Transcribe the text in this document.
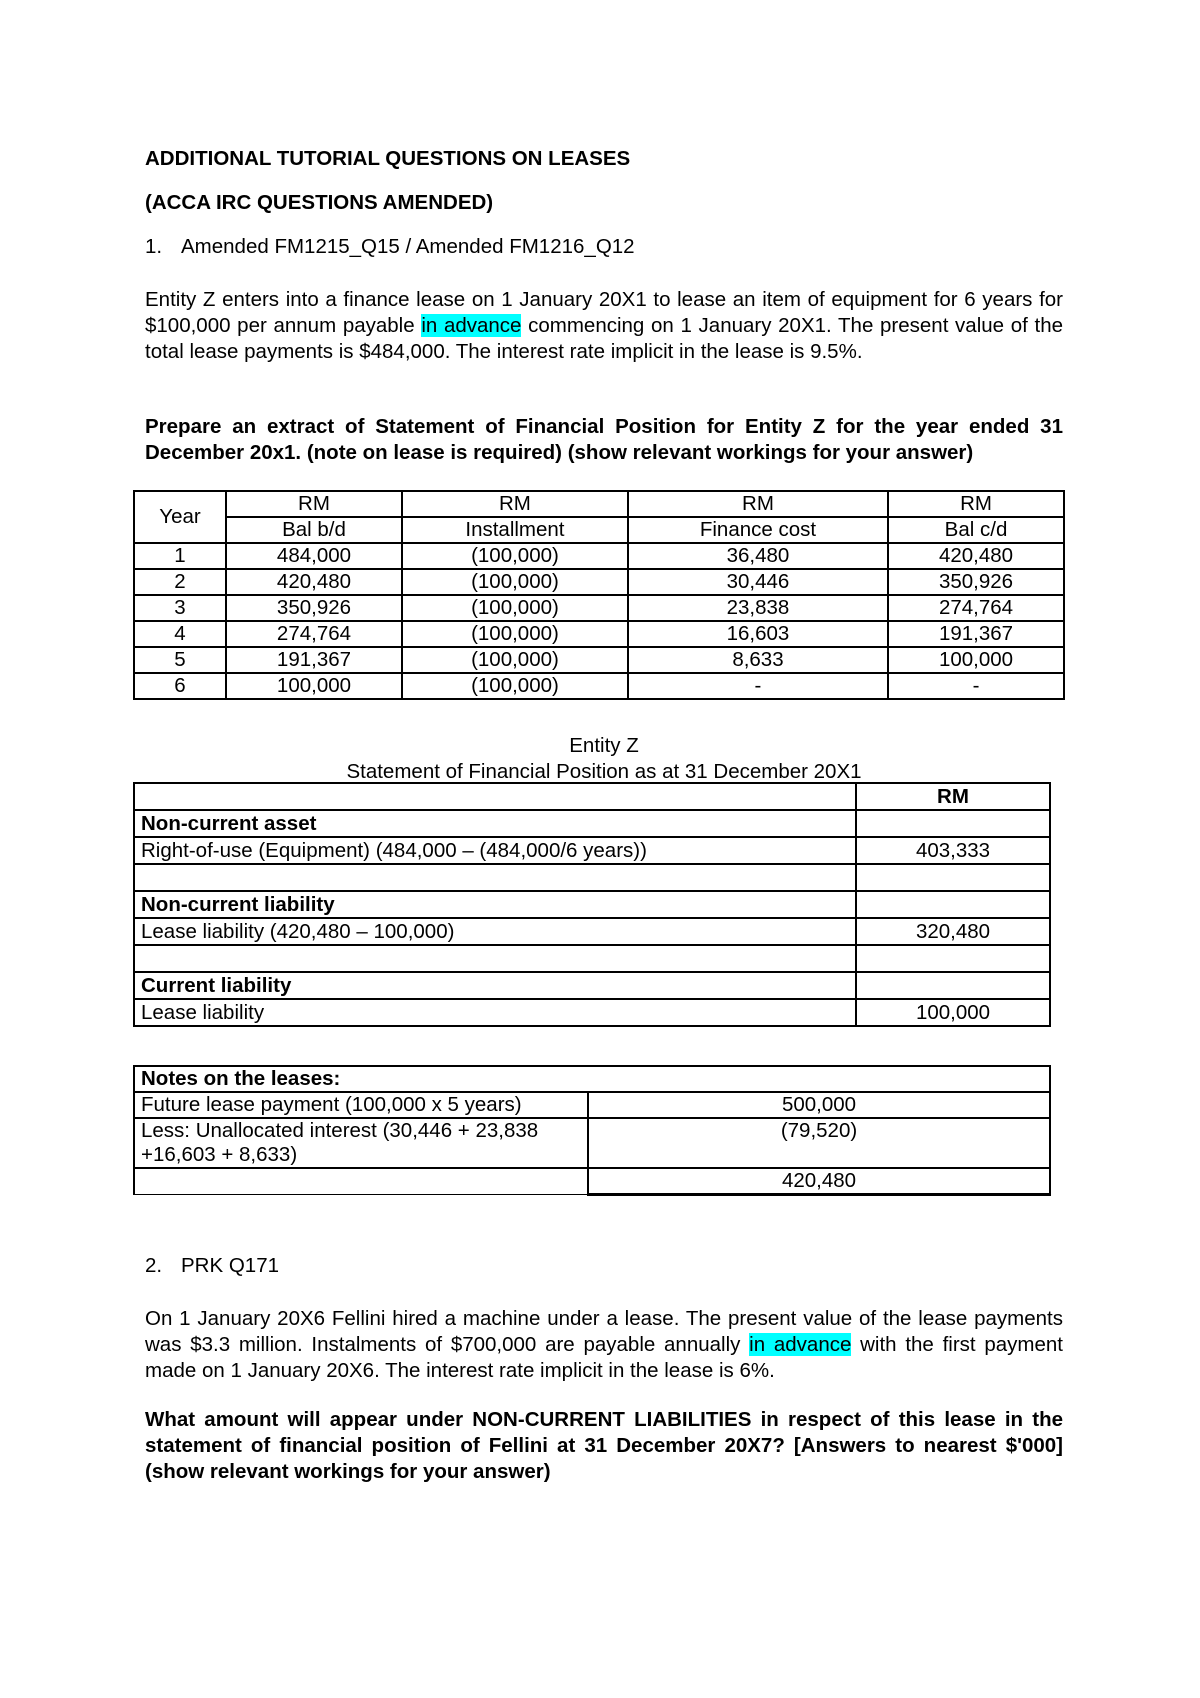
ADDITIONAL TUTORIAL QUESTIONS ON LEASES
(ACCA IRC QUESTIONS AMENDED)
1. Amended FM1215_Q15 / Amended FM1216_Q12
Entity Z enters into a finance lease on 1 January 20X1 to lease an item of equipment for 6 years for $100,000 per annum payable in advance commencing on 1 January 20X1. The present value of the total lease payments is $484,000. The interest rate implicit in the lease is 9.5%.
Prepare an extract of Statement of Financial Position for Entity Z for the year ended 31 December 20x1. (note on lease is required) (show relevant workings for your answer)
Year	RM	RM	RM	RM
	Bal b/d	Installment	Finance cost	Bal c/d
1	484,000	(100,000)	36,480	420,480
2	420,480	(100,000)	30,446	350,926
3	350,926	(100,000)	23,838	274,764
4	274,764	(100,000)	16,603	191,367
5	191,367	(100,000)	8,633	100,000
6	100,000	(100,000)	-	-
Entity Z
Statement of Financial Position as at 31 December 20X1
	RM
Non-current asset	
Right-of-use (Equipment) (484,000 – (484,000/6 years))	403,333

Non-current liability	
Lease liability (420,480 – 100,000)	320,480

Current liability	
Lease liability	100,000
Notes on the leases:	
Future lease payment (100,000 x 5 years)	500,000

Less: Unallocated interest (30,446 + 23,838
+16,603 + 8,633)	(79,520)
	420,480
2. PRK Q171
On 1 January 20X6 Fellini hired a machine under a lease. The present value of the lease payments was $3.3 million. Instalments of $700,000 are payable annually in advance with the first payment made on 1 January 20X6. The interest rate implicit in the lease is 6%.
What amount will appear under NON-CURRENT LIABILITIES in respect of this lease in the statement of financial position of Fellini at 31 December 20X7? [Answers to nearest $'000] (show relevant workings for your answer)
